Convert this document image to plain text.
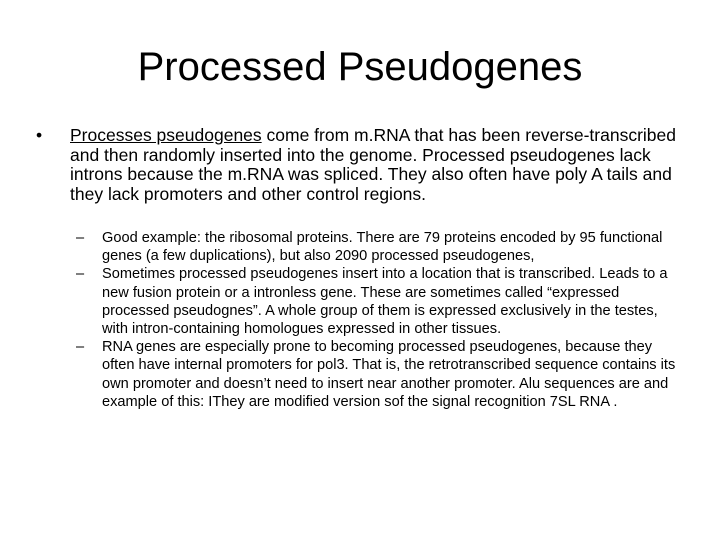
Processed Pseudogenes
• Processes pseudogenes come from m.RNA that has been reverse-transcribed and then randomly inserted into the genome. Processed pseudogenes lack introns because the m.RNA was spliced. They also often have poly A tails and they lack promoters and other control regions.
– Good example: the ribosomal proteins. There are 79 proteins encoded by 95 functional genes (a few duplications), but also 2090 processed pseudogenes,
– Sometimes processed pseudogenes insert into a location that is transcribed. Leads to a new fusion protein or a intronless gene. These are sometimes called “expressed processed pseudognes”. A whole group of them is expressed exclusively in the testes, with intron-containing homologues expressed in other tissues.
– RNA genes are especially prone to becoming processed pseudogenes, because they often have internal promoters for pol3. That is, the retrotranscribed sequence contains its own promoter and doesn’t need to insert near another promoter. Alu sequences are and example of this: IThey are modified version sof the signal recognition 7SL RNA .
